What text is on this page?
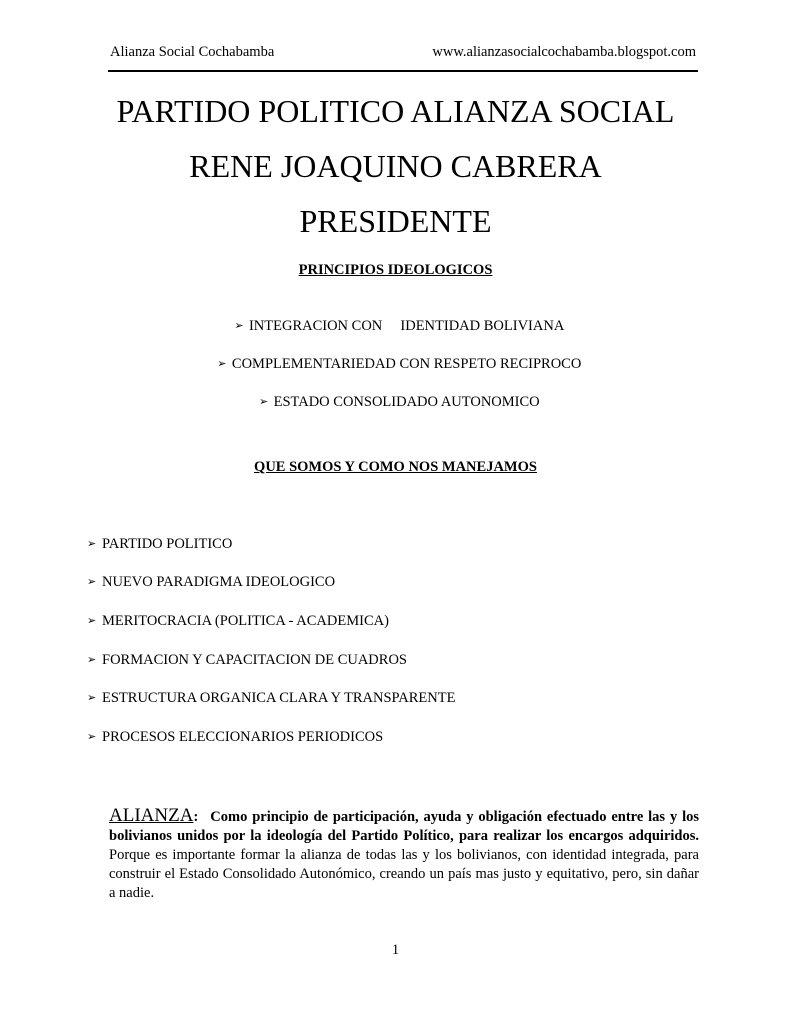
Alianza Social Cochabamba	www.alianzasocialcochabamba.blogspot.com
PARTIDO POLITICO ALIANZA SOCIAL
RENE JOAQUINO CABRERA
PRESIDENTE
PRINCIPIOS IDEOLOGICOS

➢ INTEGRACION CON     IDENTIDAD BOLIVIANA

➢ COMPLEMENTARIEDAD CON RESPETO RECIPROCO

➢ ESTADO CONSOLIDADO AUTONOMICO

QUE SOMOS Y COMO NOS MANEJAMOS
➢ PARTIDO POLITICO
➢ NUEVO PARADIGMA IDEOLOGICO
➢ MERITOCRACIA (POLITICA - ACADEMICA)
➢ FORMACION Y CAPACITACION DE CUADROS
➢ ESTRUCTURA ORGANICA CLARA Y TRANSPARENTE
➢ PROCESOS ELECCIONARIOS PERIODICOS
ALIANZA: Como principio de participación, ayuda y obligación efectuado entre las y los bolivianos unidos por la ideología del Partido Político, para realizar los encargos adquiridos. Porque es importante formar la alianza de todas las y los bolivianos, con identidad integrada, para construir el Estado Consolidado Autonómico, creando un país mas justo y equitativo, pero, sin dañar a nadie.
1
